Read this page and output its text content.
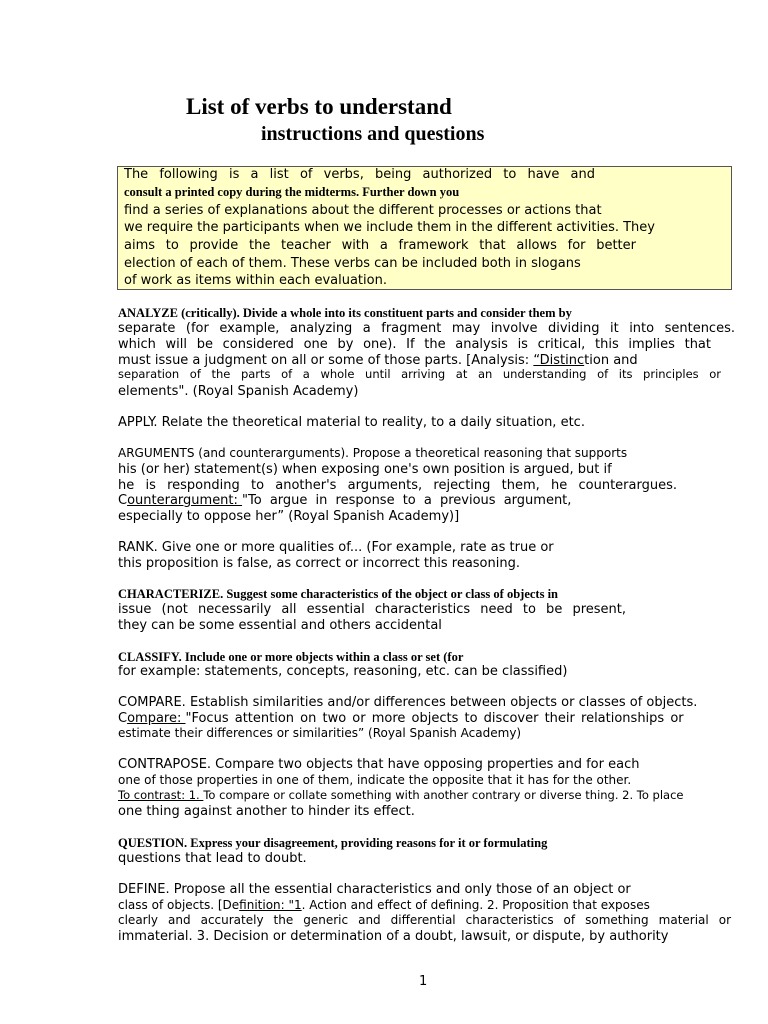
List of verbs to understand
instructions and questions
The following is a list of verbs, being authorized to have and
consult a printed copy during the midterms. Further down you
find a series of explanations about the different processes or actions that
we require the participants when we include them in the different activities. They
aims to provide the teacher with a framework that allows for better
election of each of them. These verbs can be included both in slogans
of work as items within each evaluation.
ANALYZE (critically). Divide a whole into its constituent parts and consider them by
separate (for example, analyzing a fragment may involve dividing it into sentences.
which will be considered one by one). If the analysis is critical, this implies that
must issue a judgment on all or some of those parts. [Analysis: “Distinction and
separation of the parts of a whole until arriving at an understanding of its principles or
elements". (Royal Spanish Academy)
APPLY. Relate the theoretical material to reality, to a daily situation, etc.
ARGUMENTS (and counterarguments). Propose a theoretical reasoning that supports
his (or her) statement(s) when exposing one's own position is argued, but if
he is responding to another's arguments, rejecting them, he counterargues.
Counterargument: "To argue in response to a previous argument,
especially to oppose her” (Royal Spanish Academy)]
RANK. Give one or more qualities of... (For example, rate as true or
this proposition is false, as correct or incorrect this reasoning.
CHARACTERIZE. Suggest some characteristics of the object or class of objects in
issue (not necessarily all essential characteristics need to be present,
they can be some essential and others accidental
CLASSIFY. Include one or more objects within a class or set (for
for example: statements, concepts, reasoning, etc. can be classified)
COMPARE. Establish similarities and/or differences between objects or classes of objects.
Compare: "Focus attention on two or more objects to discover their relationships or
estimate their differences or similarities” (Royal Spanish Academy)
CONTRAPOSE. Compare two objects that have opposing properties and for each
one of those properties in one of them, indicate the opposite that it has for the other.
To contrast: 1. To compare or collate something with another contrary or diverse thing. 2. To place
one thing against another to hinder its effect.
QUESTION. Express your disagreement, providing reasons for it or formulating
questions that lead to doubt.
DEFINE. Propose all the essential characteristics and only those of an object or
class of objects. [Definition: "1. Action and effect of defining. 2. Proposition that exposes
clearly and accurately the generic and differential characteristics of something material or
immaterial. 3. Decision or determination of a doubt, lawsuit, or dispute, by authority
1
